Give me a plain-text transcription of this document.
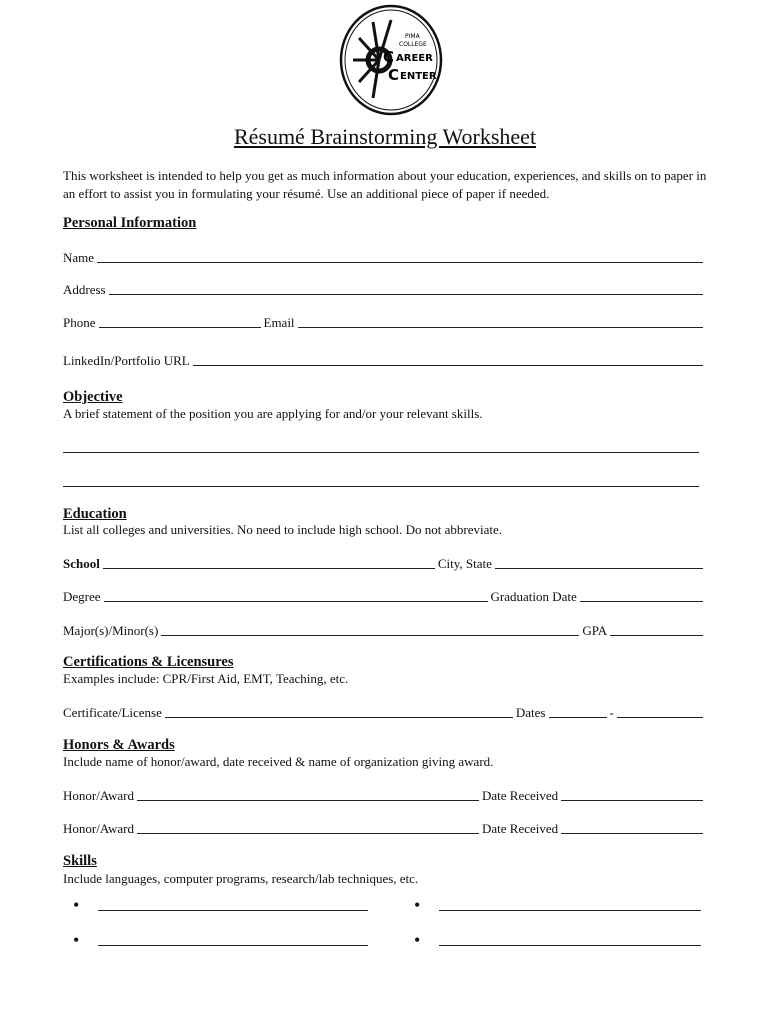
PIMA
COLLEGE
C AREER
C ENTER
Résumé Brainstorming Worksheet
This worksheet is intended to help you get as much information about your education, experiences, and skills on to paper in an effort to assist you in formulating your résumé. Use an additional piece of paper if needed.
Personal Information
Name
Address
Phone	Email
LinkedIn/Portfolio URL
Objective
A brief statement of the position you are applying for and/or your relevant skills.
Education
List all colleges and universities. No need to include high school. Do not abbreviate.
School	City, State
Degree	Graduation Date
Major(s)/Minor(s)	GPA
Certifications & Licensures
Examples include: CPR/First Aid, EMT, Teaching, etc.
Certificate/License	Dates	-
Honors & Awards
Include name of honor/award, date received & name of organization giving award.
Honor/Award	Date Received
Honor/Award	Date Received
Skills
Include languages, computer programs, research/lab techniques, etc.
•	•
•	•
